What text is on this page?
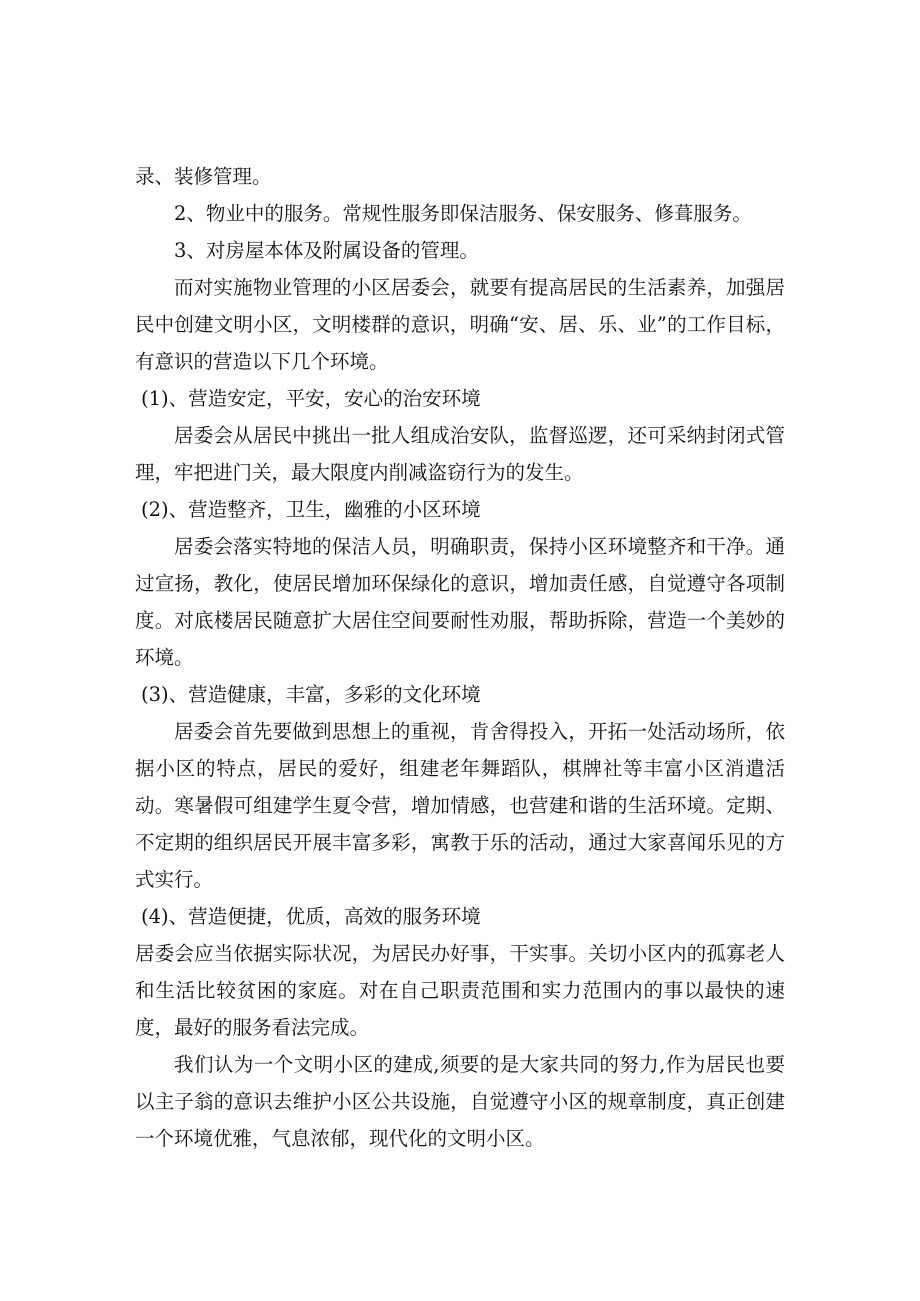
录、装修管理。

2、物业中的服务。常规性服务即保洁服务、保安服务、修葺服务。

3、对房屋本体及附属设备的管理。

而对实施物业管理的小区居委会，就要有提高居民的生活素养，加强居民中创建文明小区，文明楼群的意识，明确“安、居、乐、业”的工作目标，有意识的营造以下几个环境。

(1)、营造安定，平安，安心的治安环境

居委会从居民中挑出一批人组成治安队，监督巡逻，还可采纳封闭式管理，牢把进门关，最大限度内削减盗窃行为的发生。

(2)、营造整齐，卫生，幽雅的小区环境

居委会落实特地的保洁人员，明确职责，保持小区环境整齐和干净。通过宣扬，教化，使居民增加环保绿化的意识，增加责任感，自觉遵守各项制度。对底楼居民随意扩大居住空间要耐性劝服，帮助拆除，营造一个美妙的环境。

(3)、营造健康，丰富，多彩的文化环境

居委会首先要做到思想上的重视，肯舍得投入，开拓一处活动场所，依据小区的特点，居民的爱好，组建老年舞蹈队，棋牌社等丰富小区消遣活动。寒暑假可组建学生夏令营，增加情感，也营建和谐的生活环境。定期、不定期的组织居民开展丰富多彩，寓教于乐的活动，通过大家喜闻乐见的方式实行。

(4)、营造便捷，优质，高效的服务环境

居委会应当依据实际状况，为居民办好事，干实事。关切小区内的孤寡老人和生活比较贫困的家庭。对在自己职责范围和实力范围内的事以最快的速度，最好的服务看法完成。

我们认为一个文明小区的建成,须要的是大家共同的努力,作为居民也要以主子翁的意识去维护小区公共设施，自觉遵守小区的规章制度，真正创建一个环境优雅，气息浓郁，现代化的文明小区。
